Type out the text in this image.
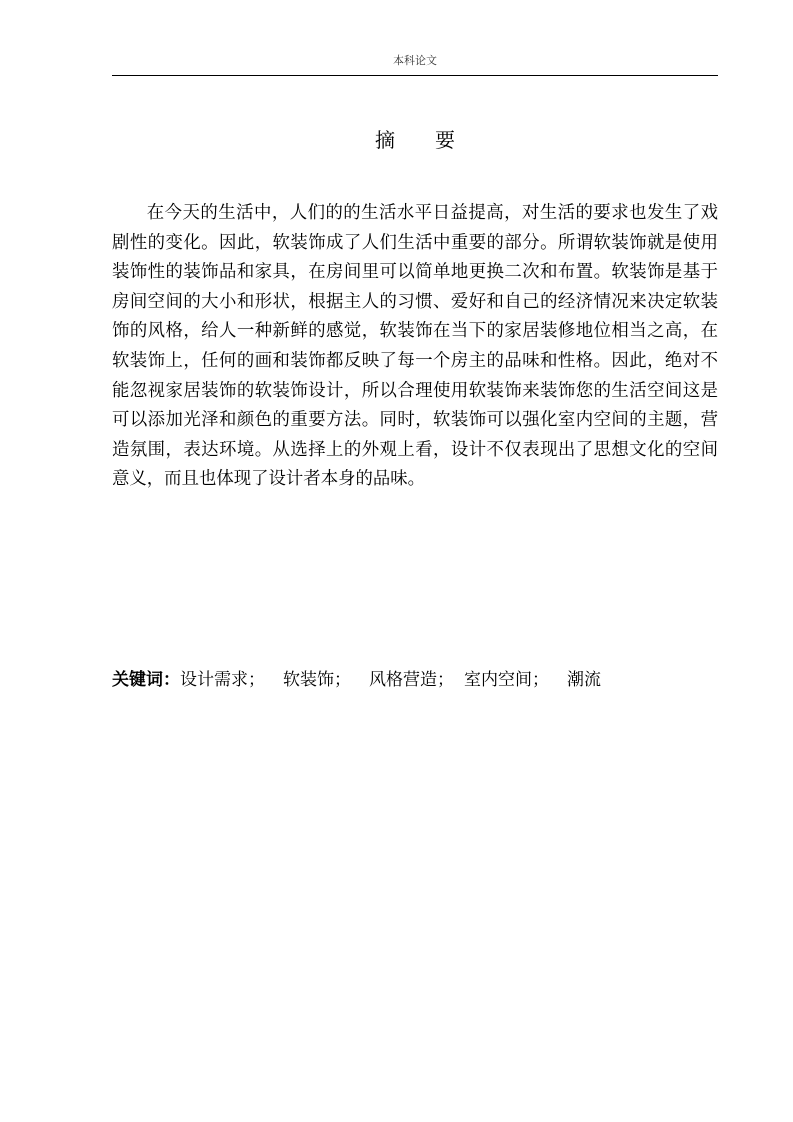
本科论文
摘 要

在今天的生活中，人们的的生活水平日益提高，对生活的要求也发生了戏剧性的变化。因此，软装饰成了人们生活中重要的部分。所谓软装饰就是使用装饰性的装饰品和家具，在房间里可以简单地更换二次和布置。软装饰是基于房间空间的大小和形状，根据主人的习惯、爱好和自己的经济情况来决定软装饰的风格，给人一种新鲜的感觉，软装饰在当下的家居装修地位相当之高，在软装饰上，任何的画和装饰都反映了每一个房主的品味和性格。因此，绝对不能忽视家居装饰的软装饰设计，所以合理使用软装饰来装饰您的生活空间这是可以添加光泽和颜色的重要方法。同时，软装饰可以强化室内空间的主题，营造氛围，表达环境。从选择上的外观上看，设计不仅表现出了思想文化的空间意义，而且也体现了设计者本身的品味。

关键词：设计需求； 软装饰； 风格营造； 室内空间； 潮流
